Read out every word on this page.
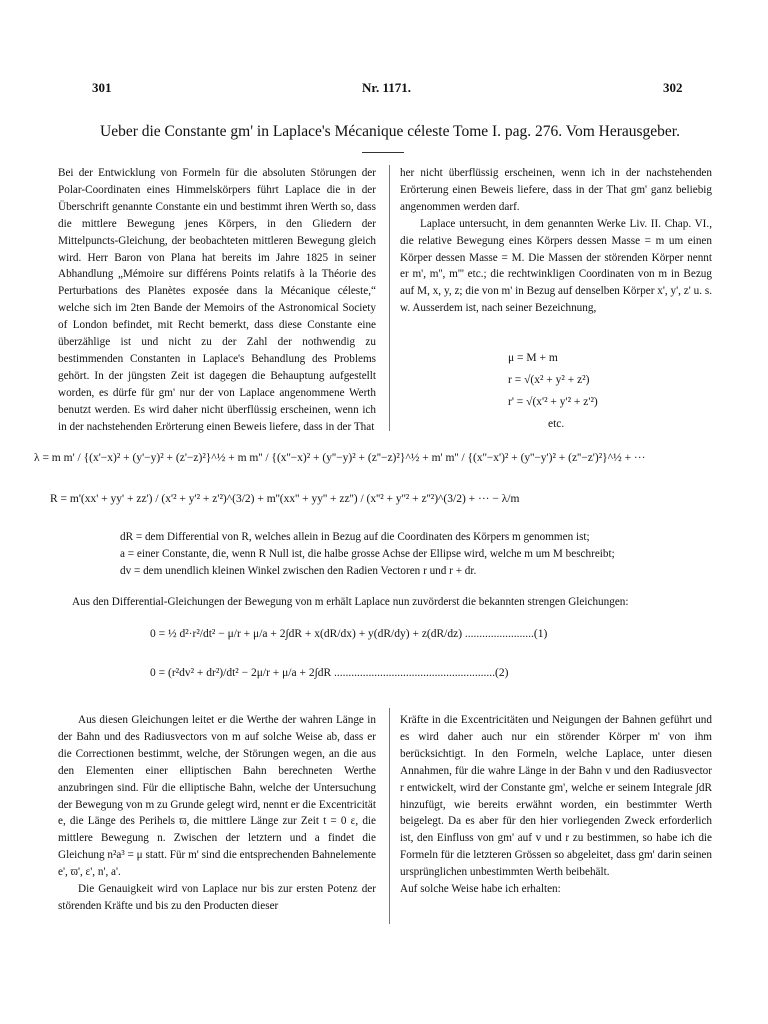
301	Nr. 1171.	302
Ueber die Constante gm' in Laplace's Mécanique céleste Tome I. pag. 276. Vom Herausgeber.

Bei der Entwicklung von Formeln für die absoluten Störungen der Polar-Coordinaten eines Himmelskörpers führt Laplace die in der Überschrift genannte Constante ein und bestimmt ihren Werth so, dass die mittlere Bewegung jenes Körpers, in den Gliedern der Mittelpuncts-Gleichung, der beobachteten mittleren Bewegung gleich wird. Herr Baron von Plana hat bereits im Jahre 1825 in seiner Abhandlung „Mémoire sur différens Points relatifs à la Théorie des Perturbations des Planètes exposée dans la Mécanique céleste,“ welche sich im 2ten Bande der Memoirs of the Astronomical Society of London befindet, mit Recht bemerkt, dass diese Constante eine überzählige ist und nicht zu der Zahl der nothwendig zu bestimmenden Constanten in Laplace's Behandlung des Problems gehört. In der jüngsten Zeit ist dagegen die Behauptung aufgestellt worden, es dürfe für gm' nur der von Laplace angenommene Werth benutzt werden. Es wird daher nicht überflüssig erscheinen, wenn ich in der nachstehenden Erörterung einen Beweis liefere, dass in der That

her nicht überflüssig erscheinen, wenn ich in der nachstehenden Erörterung einen Beweis liefere, dass in der That gm' ganz beliebig angenommen werden darf.

Laplace untersucht, in dem genannten Werke Liv. II. Chap. VI., die relative Bewegung eines Körpers dessen Masse = m um einen Körper dessen Masse = M. Die Massen der störenden Körper nennt er m', m'', m''' etc.; die rechtwinkligen Coordinaten von m in Bezug auf M, x, y, z; die von m' in Bezug auf denselben Körper x', y', z' u. s. w. Ausserdem ist, nach seiner Bezeichnung,

μ = M + m
r = √(x² + y² + z²)
r' = √(x'² + y'² + z'²)
etc.
λ = m m' / {(x'−x)² + (y'−y)² + (z'−z)²}^½ + m m'' / {(x''−x)² + (y''−y)² + (z''−z)²}^½ + m' m'' / {(x''−x')² + (y''−y')² + (z''−z')²}^½ + ···
R = m'(xx' + yy' + zz') / (x'² + y'² + z'²)^(3/2) + m''(xx'' + yy'' + zz'') / (x''² + y''² + z''²)^(3/2) + ··· − λ/m
dR = dem Differential von R, welches allein in Bezug auf die Coordinaten des Körpers m genommen ist;
a = einer Constante, die, wenn R Null ist, die halbe grosse Achse der Ellipse wird, welche m um M beschreibt;
dv = dem unendlich kleinen Winkel zwischen den Radien Vectoren r und r + dr.
Aus den Differential-Gleichungen der Bewegung von m erhält Laplace nun zuvörderst die bekannten strengen Gleichungen:
0 = ½ d²·r²/dt² − μ/r + μ/a + 2∫dR + x(dR/dx) + y(dR/dy) + z(dR/dz) ........................(1)
0 = (r²dv² + dr²)/dt² − 2μ/r + μ/a + 2∫dR ........................................................(2)

Aus diesen Gleichungen leitet er die Werthe der wahren Länge in der Bahn und des Radiusvectors von m auf solche Weise ab, dass er die Correctionen bestimmt, welche, der Störungen wegen, an die aus den Elementen einer elliptischen Bahn berechneten Werthe anzubringen sind. Für die elliptische Bahn, welche der Untersuchung der Bewegung von m zu Grunde gelegt wird, nennt er die Excentricität e, die Länge des Perihels ϖ, die mittlere Länge zur Zeit t = 0 ε, die mittlere Bewegung n. Zwischen der letztern und a findet die Gleichung n²a³ = μ statt. Für m' sind die entsprechenden Bahnelemente e', ϖ', ε', n', a'.

Die Genauigkeit wird von Laplace nur bis zur ersten Potenz der störenden Kräfte und bis zu den Producten dieser

Kräfte in die Excentricitäten und Neigungen der Bahnen geführt und es wird daher auch nur ein störender Körper m' von ihm berücksichtigt. In den Formeln, welche Laplace, unter diesen Annahmen, für die wahre Länge in der Bahn v und den Radiusvector r entwickelt, wird der Constante gm', welche er seinem Integrale ∫dR hinzufügt, wie bereits erwähnt worden, ein bestimmter Werth beigelegt. Da es aber für den hier vorliegenden Zweck erforderlich ist, den Einfluss von gm' auf v und r zu bestimmen, so habe ich die Formeln für die letzteren Grössen so abgeleitet, dass gm' darin seinen ursprünglichen unbestimmten Werth beibehält.

Auf solche Weise habe ich erhalten:
